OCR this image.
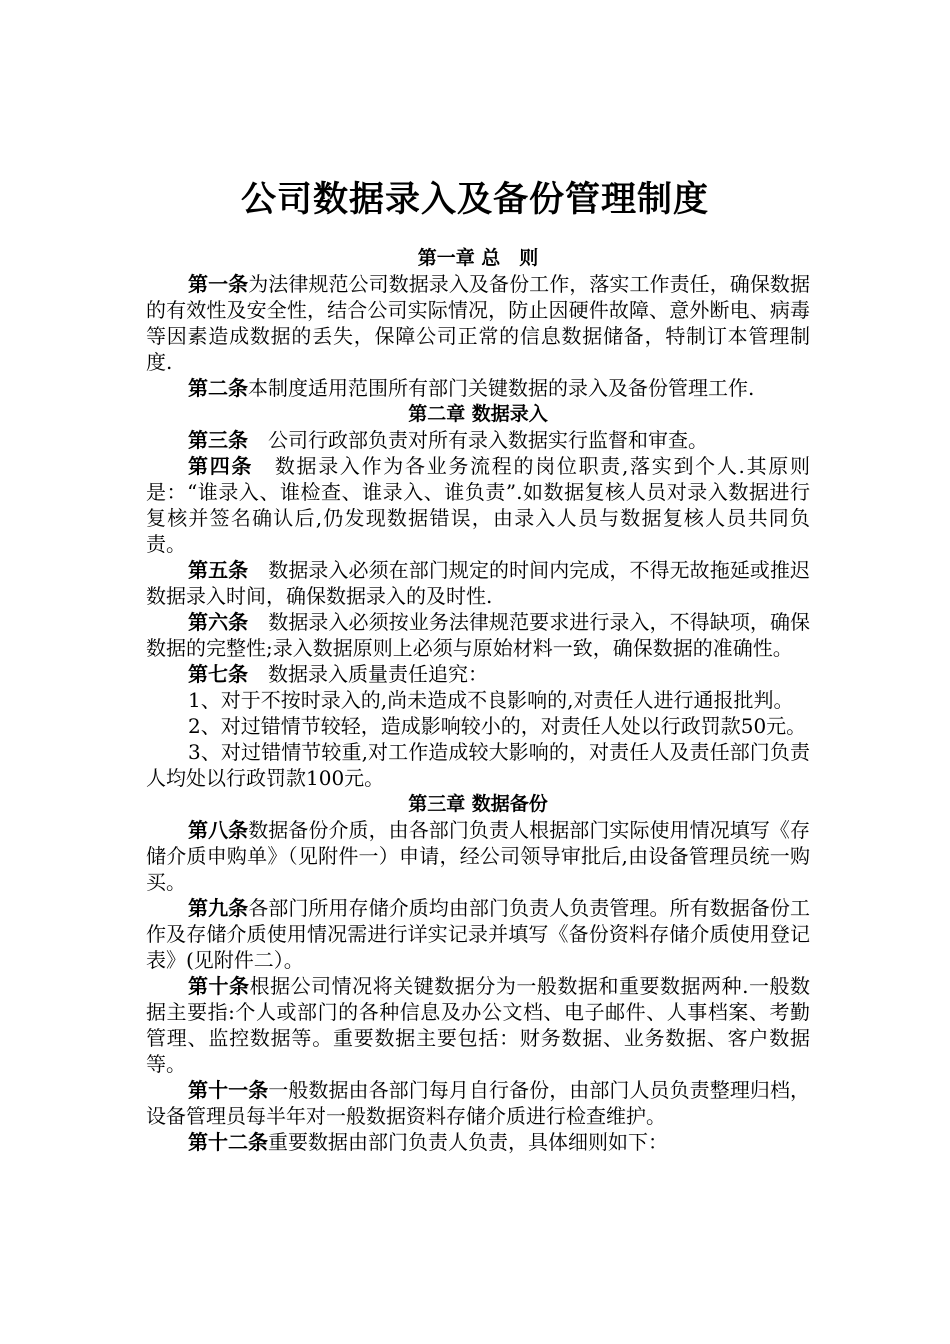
公司数据录入及备份管理制度
第一章 总　则

第一条为法律规范公司数据录入及备份工作，落实工作责任，确保数据的有效性及安全性，结合公司实际情况，防止因硬件故障、意外断电、病毒等因素造成数据的丢失，保障公司正常的信息数据储备，特制订本管理制度.

第二条本制度适用范围所有部门关键数据的录入及备份管理工作.

第二章 数据录入

第三条　 公司行政部负责对所有录入数据实行监督和审查。

第四条　 数据录入作为各业务流程的岗位职责,落实到个人.其原则是：“谁录入、谁检查、谁录入、谁负责”.如数据复核人员对录入数据进行复核并签名确认后,仍发现数据错误，由录入人员与数据复核人员共同负责。

第五条　 数据录入必须在部门规定的时间内完成，不得无故拖延或推迟数据录入时间，确保数据录入的及时性.

第六条　 数据录入必须按业务法律规范要求进行录入，不得缺项，确保数据的完整性;录入数据原则上必须与原始材料一致，确保数据的准确性。

第七条　 数据录入质量责任追究：

1、对于不按时录入的,尚未造成不良影响的,对责任人进行通报批判。

2、对过错情节较轻，造成影响较小的，对责任人处以行政罚款50元。

3、对过错情节较重,对工作造成较大影响的，对责任人及责任部门负责人均处以行政罚款100元。

第三章 数据备份

第八条数据备份介质，由各部门负责人根据部门实际使用情况填写《存储介质申购单》（见附件一）申请，经公司领导审批后,由设备管理员统一购买。

第九条各部门所用存储介质均由部门负责人负责管理。所有数据备份工作及存储介质使用情况需进行详实记录并填写《备份资料存储介质使用登记表》(见附件二）。

第十条根据公司情况将关键数据分为一般数据和重要数据两种.一般数据主要指:个人或部门的各种信息及办公文档、电子邮件、人事档案、考勤管理、监控数据等。重要数据主要包括：财务数据、业务数据、客户数据等。

第十一条一般数据由各部门每月自行备份，由部门人员负责整理归档，设备管理员每半年对一般数据资料存储介质进行检查维护。

第十二条重要数据由部门负责人负责，具体细则如下：
